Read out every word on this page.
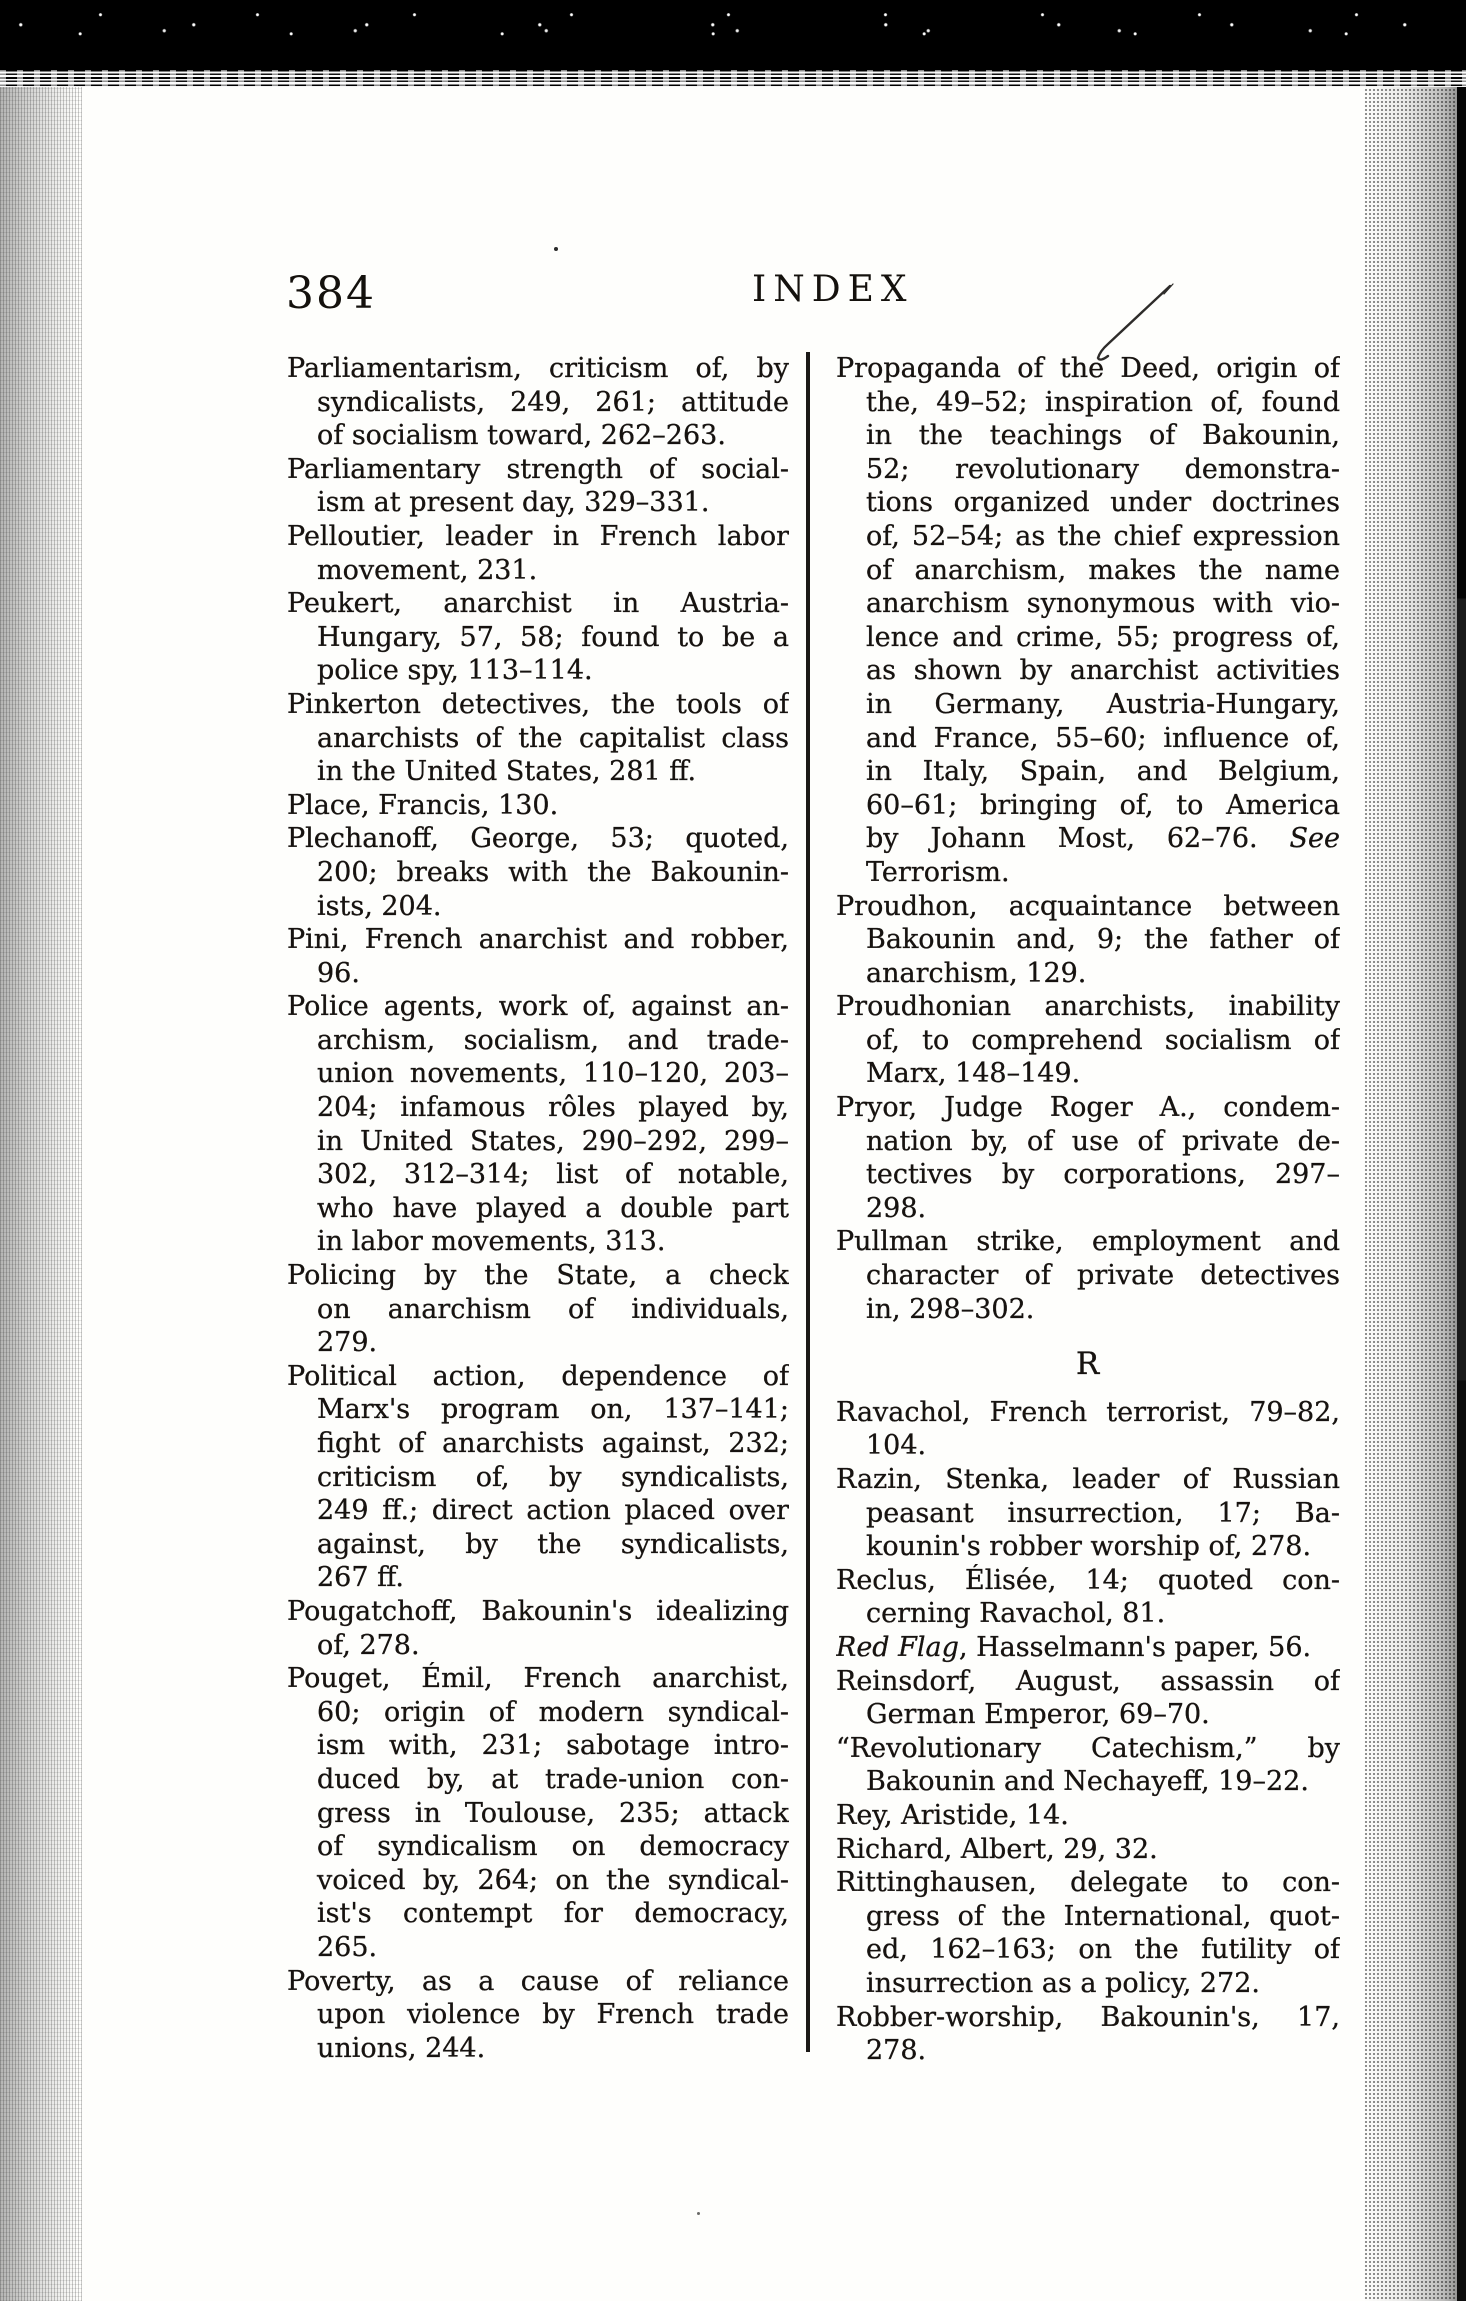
384	INDEX
Parliamentarism, criticism of, by
syndicalists, 249, 261; attitude
of socialism toward, 262–263.
Parliamentary strength of social-
ism at present day, 329–331.
Pelloutier, leader in French labor
movement, 231.
Peukert, anarchist in Austria-
Hungary, 57, 58; found to be a
police spy, 113–114.
Pinkerton detectives, the tools of
anarchists of the capitalist class
in the United States, 281 ff.
Place, Francis, 130.
Plechanoff, George, 53; quoted,
200; breaks with the Bakounin-
ists, 204.
Pini, French anarchist and robber,
96.
Police agents, work of, against an-
archism, socialism, and trade-
union novements, 110–120, 203–
204; infamous rôles played by,
in United States, 290–292, 299–
302, 312–314; list of notable,
who have played a double part
in labor movements, 313.
Policing by the State, a check
on anarchism of individuals,
279.
Political action, dependence of
Marx's program on, 137–141;
fight of anarchists against, 232;
criticism of, by syndicalists,
249 ff.; direct action placed over
against, by the syndicalists,
267 ff.
Pougatchoff, Bakounin's idealizing
of, 278.
Pouget, Émil, French anarchist,
60; origin of modern syndical-
ism with, 231; sabotage intro-
duced by, at trade-union con-
gress in Toulouse, 235; attack
of syndicalism on democracy
voiced by, 264; on the syndical-
ist's contempt for democracy,
265.
Poverty, as a cause of reliance
upon violence by French trade
unions, 244.
Propaganda of the Deed, origin of
the, 49–52; inspiration of, found
in the teachings of Bakounin,
52; revolutionary demonstra-
tions organized under doctrines
of, 52–54; as the chief expression
of anarchism, makes the name
anarchism synonymous with vio-
lence and crime, 55; progress of,
as shown by anarchist activities
in Germany, Austria-Hungary,
and France, 55–60; influence of,
in Italy, Spain, and Belgium,
60–61; bringing of, to America
by Johann Most, 62–76. See
Terrorism.
Proudhon, acquaintance between
Bakounin and, 9; the father of
anarchism, 129.
Proudhonian anarchists, inability
of, to comprehend socialism of
Marx, 148–149.
Pryor, Judge Roger A., condem-
nation by, of use of private de-
tectives by corporations, 297–
298.
Pullman strike, employment and
character of private detectives
in, 298–302.
R
Ravachol, French terrorist, 79–82,
104.
Razin, Stenka, leader of Russian
peasant insurrection, 17; Ba-
kounin's robber worship of, 278.
Reclus, Élisée, 14; quoted con-
cerning Ravachol, 81.
Red Flag, Hasselmann's paper, 56.
Reinsdorf, August, assassin of
German Emperor, 69–70.
“Revolutionary Catechism,” by
Bakounin and Nechayeff, 19–22.
Rey, Aristide, 14.
Richard, Albert, 29, 32.
Rittinghausen, delegate to con-
gress of the International, quot-
ed, 162–163; on the futility of
insurrection as a policy, 272.
Robber-worship, Bakounin's, 17,
278.
